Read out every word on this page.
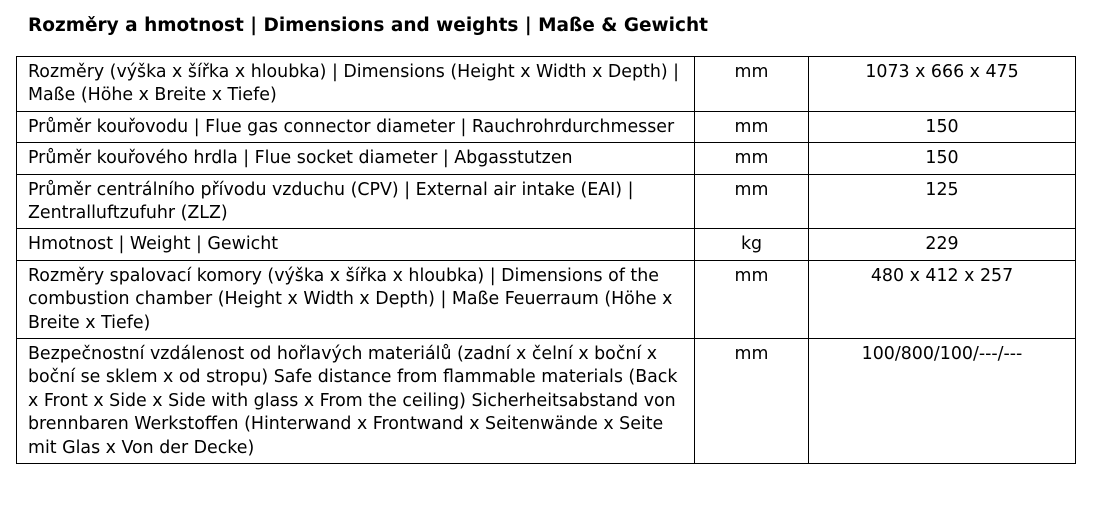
Rozměry a hmotnost | Dimensions and weights | Maße & Gewicht
Rozměry (výška x šířka x hloubka) | Dimensions (Height x Width x Depth) | Maße (Höhe x Breite x Tiefe)	mm	1073 x 666 x 475
Průměr kouřovodu | Flue gas connector diameter | Rauchrohrdurchmesser	mm	150
Průměr kouřového hrdla | Flue socket diameter | Abgasstutzen	mm	150
Průměr centrálního přívodu vzduchu (CPV) | External air intake (EAI) | Zentralluftzufuhr (ZLZ)	mm	125
Hmotnost | Weight | Gewicht	kg	229
Rozměry spalovací komory (výška x šířka x hloubka) | Dimensions of the combustion chamber (Height x Width x Depth) | Maße Feuerraum (Höhe x Breite x Tiefe)	mm	480 x 412 x 257
Bezpečnostní vzdálenost od hořlavých materiálů (zadní x čelní x boční x boční se sklem x od stropu) Safe distance from flammable materials (Back x Front x Side x Side with glass x From the ceiling) Sicherheitsabstand von brennbaren Werkstoffen (Hinterwand x Frontwand x Seitenwände x Seite mit Glas x Von der Decke)	mm	100/800/100/---/---
